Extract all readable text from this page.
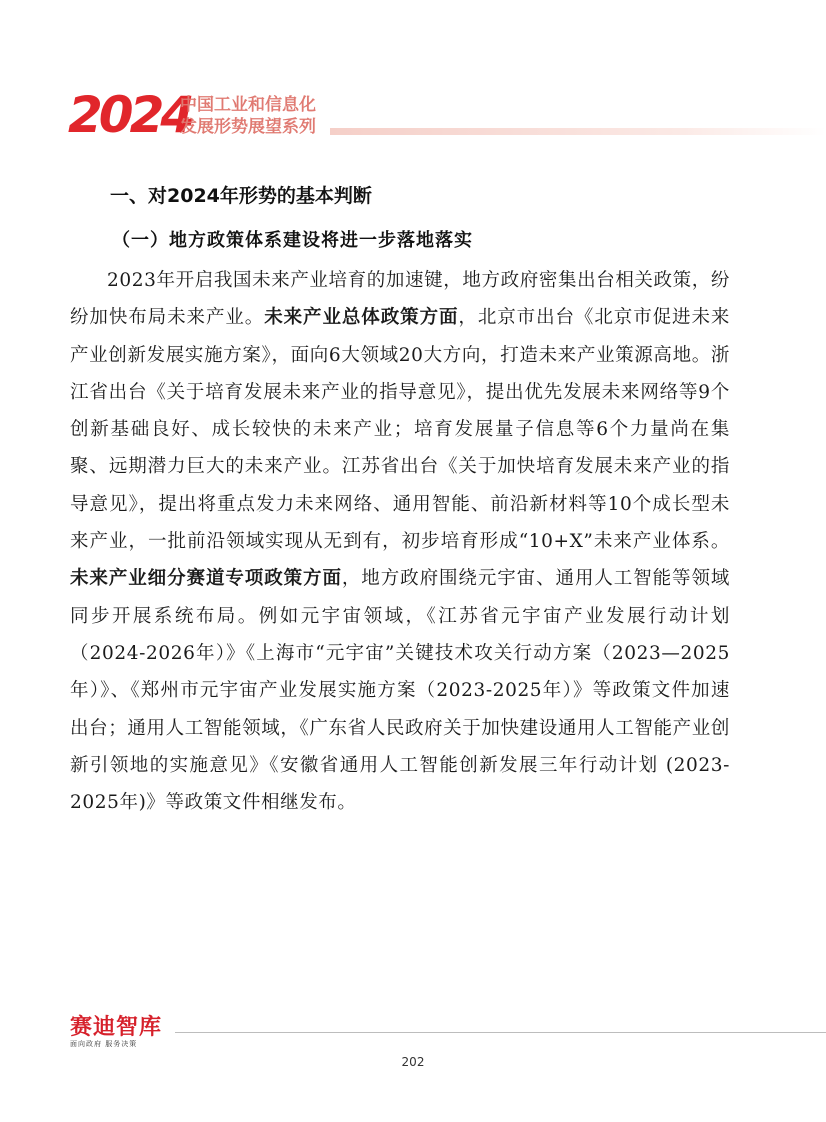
2024
中国工业和信息化
发展形势展望系列
一、对2024年形势的基本判断
（一）地方政策体系建设将进一步落地落实

2023年开启我国未来产业培育的加速键，地方政府密集出台相关政策，纷纷加快布局未来产业。未来产业总体政策方面，北京市出台《北京市促进未来产业创新发展实施方案》，面向6大领域20大方向，打造未来产业策源高地。浙江省出台《关于培育发展未来产业的指导意见》，提出优先发展未来网络等9个创新基础良好、成长较快的未来产业；培育发展量子信息等6个力量尚在集聚、远期潜力巨大的未来产业。江苏省出台《关于加快培育发展未来产业的指导意见》，提出将重点发力未来网络、通用智能、前沿新材料等10个成长型未来产业，一批前沿领域实现从无到有，初步培育形成“10+X”未来产业体系。未来产业细分赛道专项政策方面，地方政府围绕元宇宙、通用人工智能等领域同步开展系统布局。例如元宇宙领域，《江苏省元宇宙产业发展行动计划（2024-2026年）》《上海市“元宇宙”关键技术攻关行动方案（2023—2025年）》、《郑州市元宇宙产业发展实施方案（2023-2025年）》等政策文件加速出台；通用人工智能领域，《广东省人民政府关于加快建设通用人工智能产业创新引领地的实施意见》《安徽省通用人工智能创新发展三年行动计划 (2023-2025年)》等政策文件相继发布。

赛迪智库
面向政府 服务决策
202
